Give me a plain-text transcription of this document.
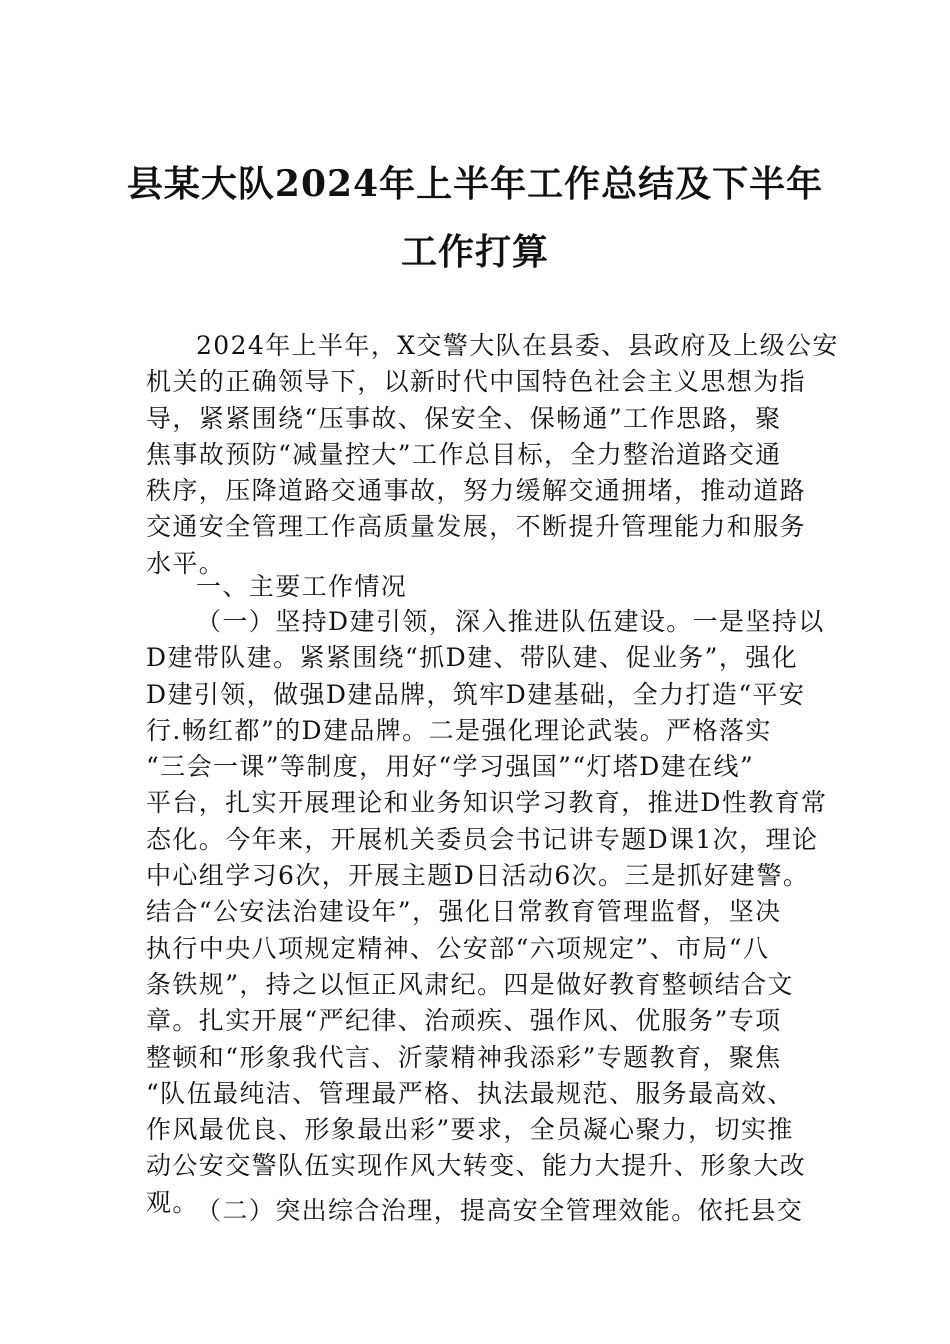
县某大队2024年上半年工作总结及下半年
工作打算
2024年上半年，X交警大队在县委、县政府及上级公安
机关的正确领导下，以新时代中国特色社会主义思想为指
导，紧紧围绕“压事故、保安全、保畅通”工作思路，聚
焦事故预防“减量控大”工作总目标，全力整治道路交通
秩序，压降道路交通事故，努力缓解交通拥堵，推动道路
交通安全管理工作高质量发展，不断提升管理能力和服务
水平。
一、主要工作情况
（一）坚持D建引领，深入推进队伍建设。一是坚持以
D建带队建。紧紧围绕“抓D建、带队建、促业务”，强化
D建引领，做强D建品牌，筑牢D建基础，全力打造“平安
行.畅红都”的D建品牌。二是强化理论武装。严格落实
“三会一课”等制度，用好“学习强国”“灯塔D建在线”
平台，扎实开展理论和业务知识学习教育，推进D性教育常
态化。今年来，开展机关委员会书记讲专题D课1次，理论
中心组学习6次，开展主题D日活动6次。三是抓好建警。
结合“公安法治建设年”，强化日常教育管理监督，坚决
执行中央八项规定精神、公安部“六项规定”、市局“八
条铁规”，持之以恒正风肃纪。四是做好教育整顿结合文
章。扎实开展“严纪律、治顽疾、强作风、优服务”专项
整顿和“形象我代言、沂蒙精神我添彩”专题教育，聚焦
“队伍最纯洁、管理最严格、执法最规范、服务最高效、
作风最优良、形象最出彩”要求，全员凝心聚力，切实推
动公安交警队伍实现作风大转变、能力大提升、形象大改
观。
（二）突出综合治理，提高安全管理效能。依托县交
